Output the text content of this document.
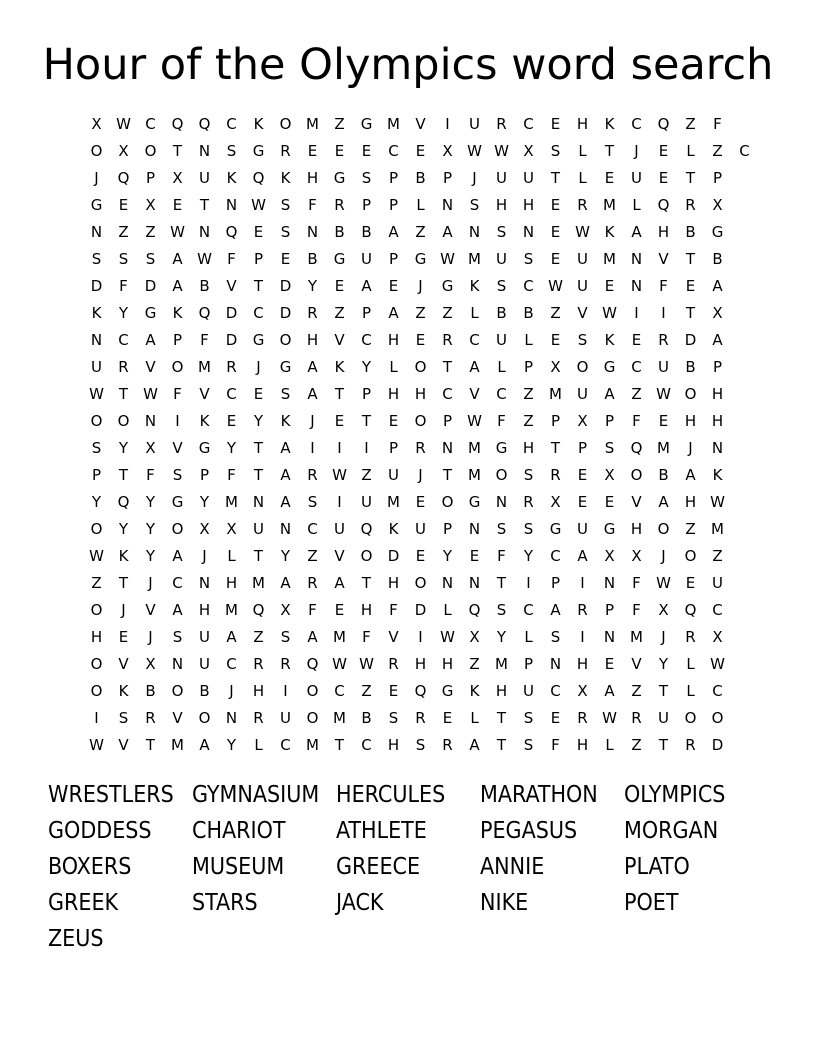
Hour of the Olympics word search
X W C	Q	Q	C	K	O M	Z	G M	V	I	U	R	C	E	H	K	C	Q	Z	F
O	X	O	T	N	S	G	R	E	E	E	C	E	X W W X	S	L	T	J	E	L	Z	C
J	Q	P	X	U	K	Q	K	H	G	S	P	B	P	J	U	U	T	L	E	U	E	T	P
G	E	X	E	T	N W S	F	R	P	P	L	N	S	H	H	E	R	M	L	Q	R	X
N	Z	Z W N	Q	E	S	N	B	B	A	Z	A	N	S	N	E W K	A	H	B	G
S	S	S	A W	F	P	E	B	G	U	P	G W M	U	S	E	U	M N	V	T	B
D	F	D	A	B	V	T	D	Y	E	A	E	J	G	K	S	C W U	E	N	F	E	A
K	Y	G	K	Q	D	C	D	R	Z	P	A	Z	Z	L	B	B	Z	V W	I	I	T	X
N	C	A	P	F	D	G	O	H	V	C	H	E	R	C	U	L	E	S	K	E	R	D	A
U	R	V	O M	R	J	G	A	K	Y	L	O	T	A	L	P	X	O	G	C	U	B	P
W T	W	F	V	C	E	S	A	T	P	H	H	C	V	C	Z	M	U	A	Z W O	H
O	O	N	I	K	E	Y	K	J	E	T	E	O	P	W	F	Z	P	X	P	F	E	H	H
S	Y	X	V	G	Y	T	A	I	I	I	P	R	N M G	H	T	P	S	Q M	J	N
P	T	F	S	P	F	T	A	R W Z	U	J	T	M O	S	R	E	X	O	B	A	K
Y	Q	Y	G	Y	M N	A	S	I	U	M	E	O	G	N	R	X	E	E	V	A	H W
O	Y	Y	O	X	X	U	N	C	U	Q	K	U	P	N	S	S	G	U	G	H	O	Z	M
W K	Y	A	J	L	T	Y	Z	V	O	D	E	Y	E	F	Y	C	A	X	X	J	O	Z
Z	T	J	C	N	H M	A	R	A	T	H	O	N	N	T	I	P	I	N	F	W E	U
O	J	V	A	H M Q	X	F	E	H	F	D	L	Q	S	C	A	R	P	F	X	Q	C
H	E	J	S	U	A	Z	S	A	M	F	V	I	W X	Y	L	S	I	N M	J	R	X
O	V	X	N	U	C	R	R	Q W W R	H	H	Z	M	P	N	H	E	V	Y	L	W
O	K	B	O	B	J	H	I	O	C	Z	E	Q	G	K	H	U	C	X	A	Z	T	L	C
I	S	R	V	O	N	R	U	O M	B	S	R	E	L	T	S	E	R W R	U	O	O
W V	T	M	A	Y	L	C	M	T	C	H	S	R	A	T	S	F	H	L	Z	T	R	D
WRESTLERS GYMNASIUM HERCULES	MARATHON	OLYMPICS
GODDESS	CHARIOT	ATHLETE	PEGASUS	MORGAN
BOXERS	MUSEUM	GREECE	ANNIE	PLATO
GREEK	STARS	JACK	NIKE	POET
ZEUS
